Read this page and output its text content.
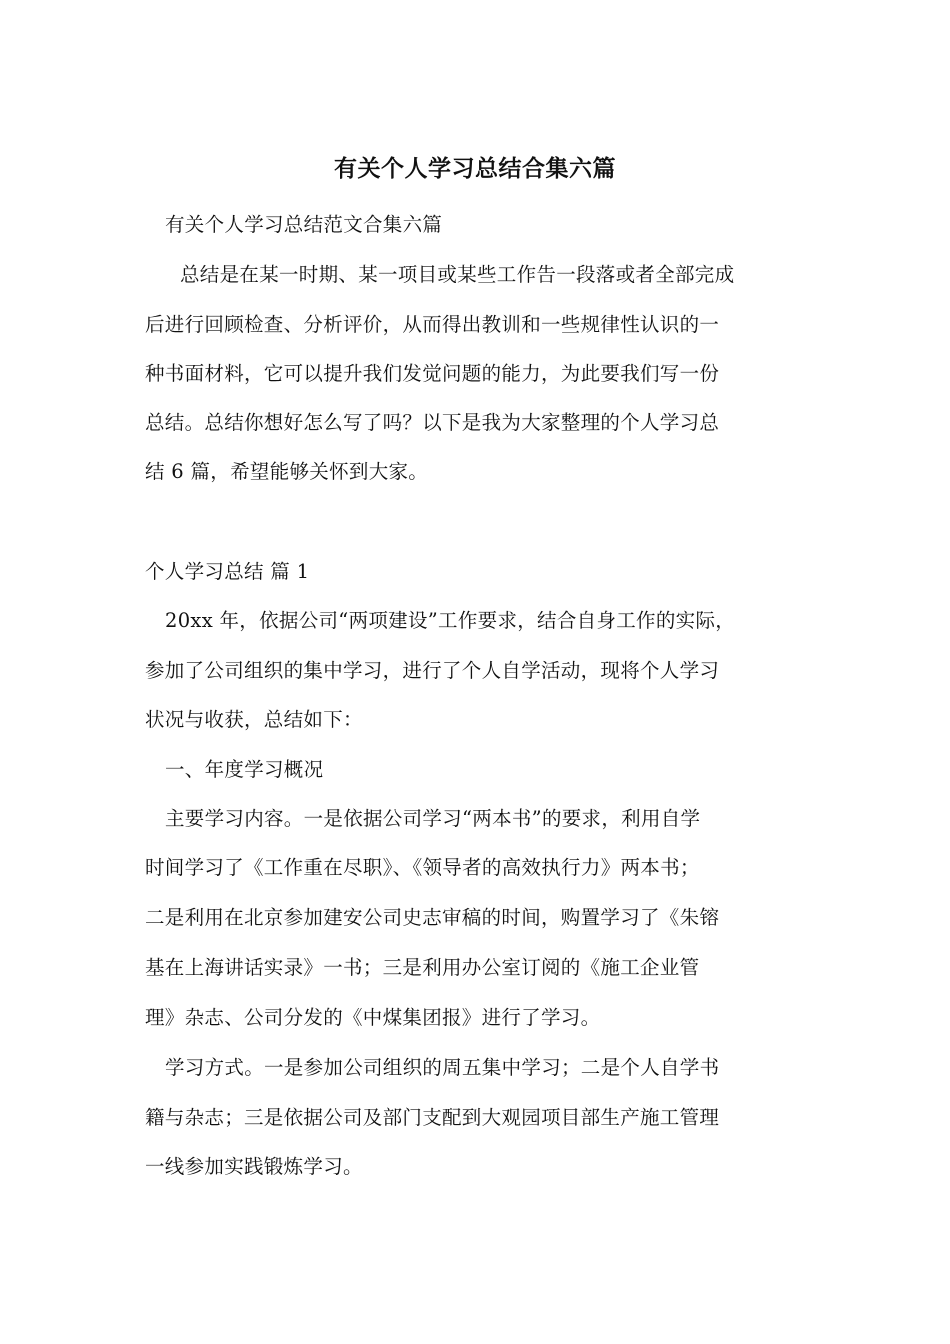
有关个人学习总结合集六篇
有关个人学习总结范文合集六篇
总结是在某一时期、某一项目或某些工作告一段落或者全部完成
后进行回顾检查、分析评价，从而得出教训和一些规律性认识的一
种书面材料，它可以提升我们发觉问题的能力，为此要我们写一份
总结。总结你想好怎么写了吗？以下是我为大家整理的个人学习总
结 6 篇，希望能够关怀到大家。
个人学习总结 篇 1
20xx 年，依据公司“两项建设”工作要求，结合自身工作的实际，
参加了公司组织的集中学习，进行了个人自学活动，现将个人学习
状况与收获，总结如下：
一、年度学习概况
主要学习内容。一是依据公司学习“两本书”的要求，利用自学
时间学习了《工作重在尽职》、《领导者的高效执行力》两本书；
二是利用在北京参加建安公司史志审稿的时间，购置学习了《朱镕
基在上海讲话实录》一书；三是利用办公室订阅的《施工企业管
理》杂志、公司分发的《中煤集团报》进行了学习。
学习方式。一是参加公司组织的周五集中学习；二是个人自学书
籍与杂志；三是依据公司及部门支配到大观园项目部生产施工管理
一线参加实践锻炼学习。
